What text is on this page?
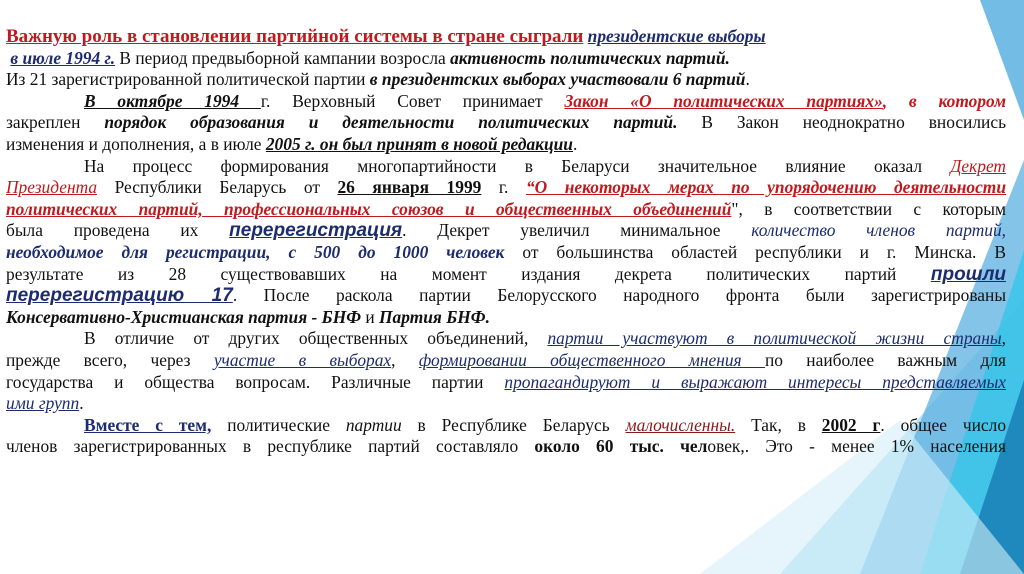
Важную роль в становлении партийной системы в стране сыграли президентские выборы
в июле 1994 г. В период предвыборной кампании возросла активность политических партий.
Из 21 зарегистрированной политической партии в президентских выборах участвовали 6 партий.
В октябре 1994 г. Верховный Совет принимает Закон «О политических партиях», в котором
закреплен порядок образования и деятельности политических партий. В Закон неоднократно вносились
изменения и дополнения, а в июле 2005 г. он был принят в новой редакции.
На процесс формирования многопартийности в Беларуси значительное влияние оказал Декрет
Президента Республики Беларусь от 26 января 1999 г. “О некоторых мерах по упорядочению деятельности
политических партий, профессиональных союзов и общественных объединений", в соответствии с которым
была проведена их перерегистрация. Декрет увеличил минимальное количество членов партий,
необходимое для регистрации, с 500 до 1000 человек от большинства областей республики и г. Минска. В
результате из 28 существовавших на момент издания декрета политических партий прошли
перерегистрацию 17. После раскола партии Белорусского народного фронта были зарегистрированы
Консервативно-Христианская партия - БНФ и Партия БНФ.
В отличие от других общественных объединений, партии участвуют в политической жизни страны,
прежде всего, через участие в выборах, формировании общественного мнения по наиболее важным для
государства и общества вопросам. Различные партии пропагандируют и выражают интересы представляемых
ими групп.
Вместе с тем, политические партии в Республике Беларусь малочисленны. Так, в 2002 г. общее число
членов зарегистрированных в республике партий составляло около 60 тыс. человек,. Это - менее 1% населения
